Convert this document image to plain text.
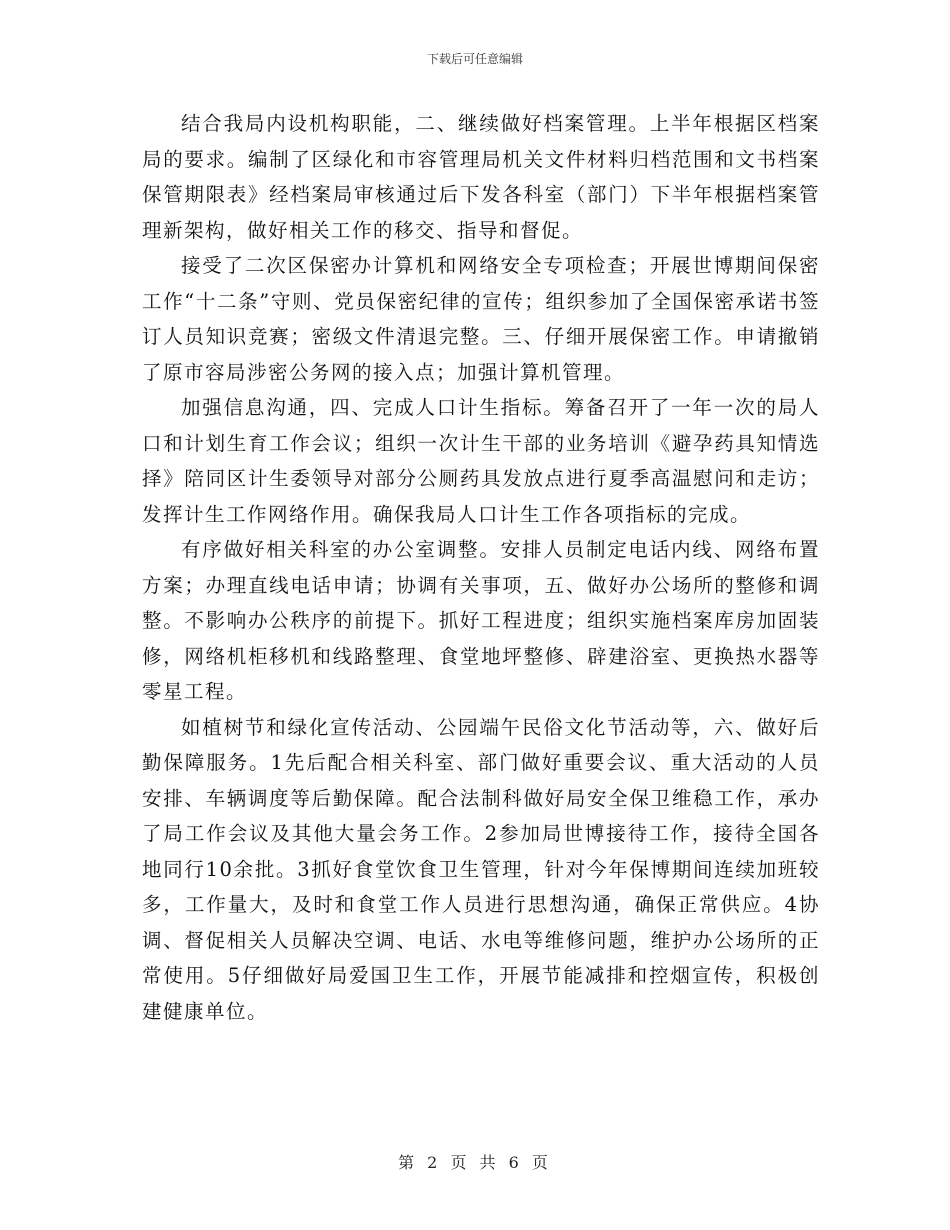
下载后可任意编辑

结合我局内设机构职能，二、继续做好档案管理。上半年根据区档案局的要求。编制了区绿化和市容管理局机关文件材料归档范围和文书档案保管期限表》经档案局审核通过后下发各科室（部门）下半年根据档案管理新架构，做好相关工作的移交、指导和督促。

接受了二次区保密办计算机和网络安全专项检查；开展世博期间保密工作“十二条”守则、党员保密纪律的宣传；组织参加了全国保密承诺书签订人员知识竞赛；密级文件清退完整。三、仔细开展保密工作。申请撤销了原市容局涉密公务网的接入点；加强计算机管理。

加强信息沟通，四、完成人口计生指标。筹备召开了一年一次的局人口和计划生育工作会议；组织一次计生干部的业务培训《避孕药具知情选择》陪同区计生委领导对部分公厕药具发放点进行夏季高温慰问和走访；发挥计生工作网络作用。确保我局人口计生工作各项指标的完成。

有序做好相关科室的办公室调整。安排人员制定电话内线、网络布置方案；办理直线电话申请；协调有关事项，五、做好办公场所的整修和调整。不影响办公秩序的前提下。抓好工程进度；组织实施档案库房加固装修，网络机柜移机和线路整理、食堂地坪整修、辟建浴室、更换热水器等零星工程。

如植树节和绿化宣传活动、公园端午民俗文化节活动等，六、做好后勤保障服务。1先后配合相关科室、部门做好重要会议、重大活动的人员安排、车辆调度等后勤保障。配合法制科做好局安全保卫维稳工作，承办了局工作会议及其他大量会务工作。2参加局世博接待工作，接待全国各地同行10余批。3抓好食堂饮食卫生管理，针对今年保博期间连续加班较多，工作量大，及时和食堂工作人员进行思想沟通，确保正常供应。4协调、督促相关人员解决空调、电话、水电等维修问题，维护办公场所的正常使用。5仔细做好局爱国卫生工作，开展节能减排和控烟宣传，积极创建健康单位。

第 2 页 共 6 页
